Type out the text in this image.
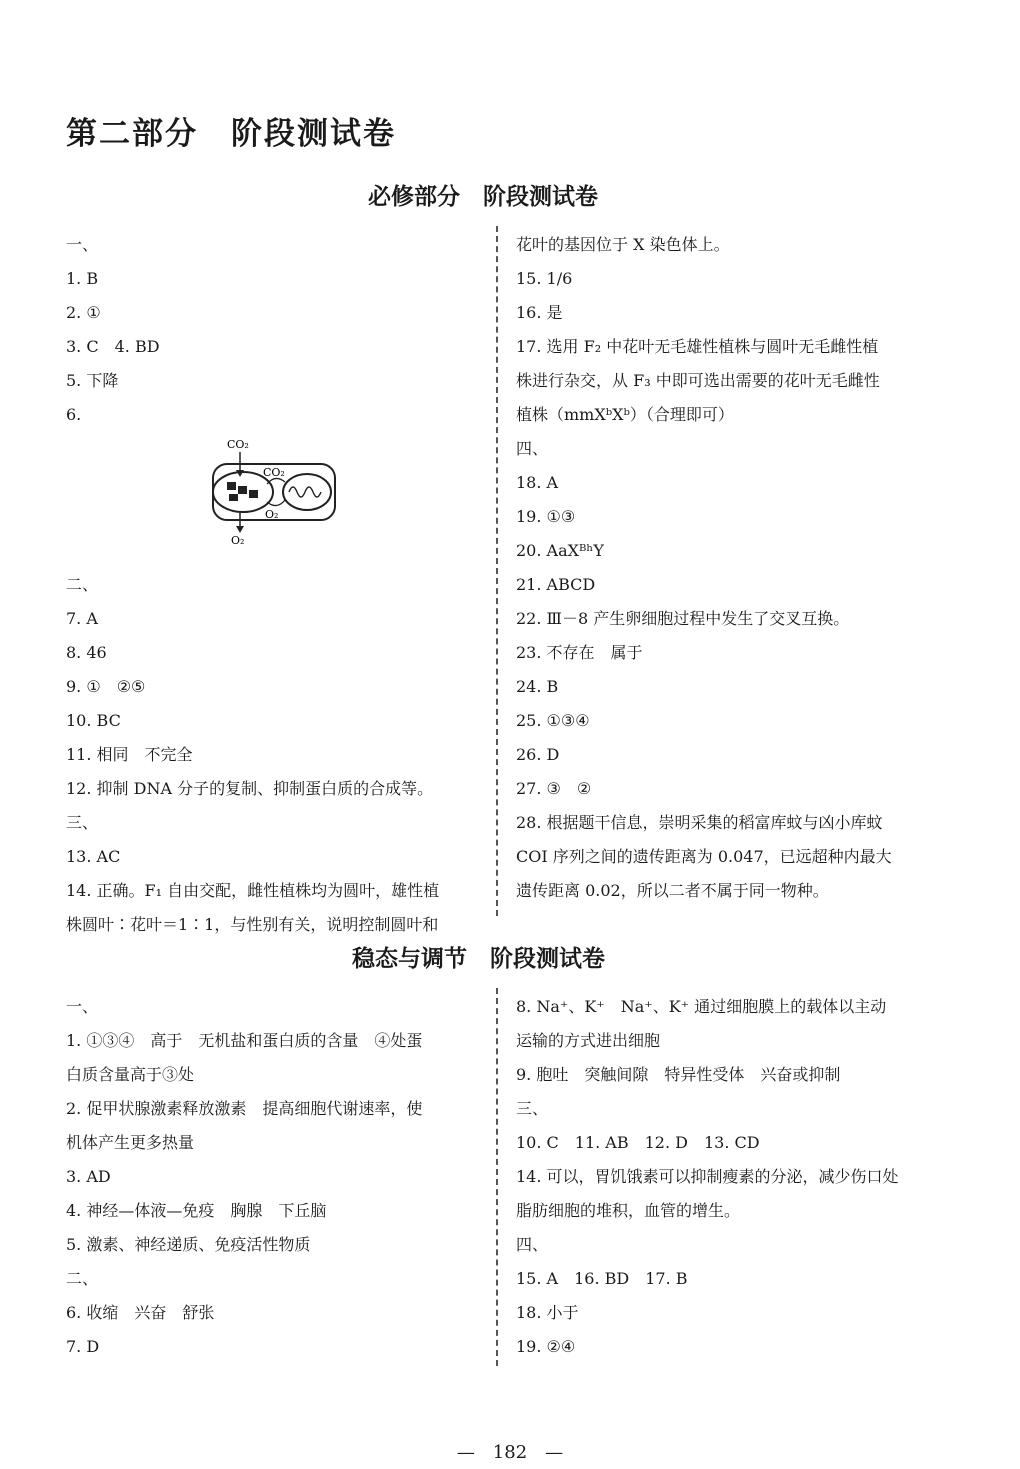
第二部分　阶段测试卷
必修部分　阶段测试卷
一、
1. B
2. ①
3. C　4. BD
5. 下降
6.
二、
7. A
8. 46
9. ①　②⑤
10. BC
11. 相同　不完全
12. 抑制 DNA 分子的复制、抑制蛋白质的合成等。
三、
13. AC
14. 正确。F₁ 自由交配，雌性植株均为圆叶，雄性植
株圆叶∶花叶＝1∶1，与性别有关，说明控制圆叶和
花叶的基因位于 X 染色体上。
15. 1/6
16. 是
17. 选用 F₂ 中花叶无毛雄性植株与圆叶无毛雌性植
株进行杂交，从 F₃ 中即可选出需要的花叶无毛雌性
植株（mmXᵇXᵇ）（合理即可）
四、
18. A
19. ①③
20. AaXᴮʰY
21. ABCD
22. Ⅲ－8 产生卵细胞过程中发生了交叉互换。
23. 不存在　属于
24. B
25. ①③④
26. D
27. ③　②
28. 根据题干信息，崇明采集的稻富库蚊与凶小库蚊
COI 序列之间的遗传距离为 0.047，已远超种内最大
遗传距离 0.02，所以二者不属于同一物种。
CO₂
CO₂
O₂
O₂
稳态与调节　阶段测试卷
一、
1. ①③④　高于　无机盐和蛋白质的含量　④处蛋
白质含量高于③处
2. 促甲状腺激素释放激素　提高细胞代谢速率，使
机体产生更多热量
3. AD
4. 神经—体液—免疫　胸腺　下丘脑
5. 激素、神经递质、免疫活性物质
二、
6. 收缩　兴奋　舒张
7. D
8. Na⁺、K⁺　Na⁺、K⁺ 通过细胞膜上的载体以主动
运输的方式进出细胞
9. 胞吐　突触间隙　特异性受体　兴奋或抑制
三、
10. C　11. AB　12. D　13. CD
14. 可以，胃饥饿素可以抑制瘦素的分泌，减少伤口处
脂肪细胞的堆积，血管的增生。
四、
15. A　16. BD　17. B
18. 小于
19. ②④
—　182　—
